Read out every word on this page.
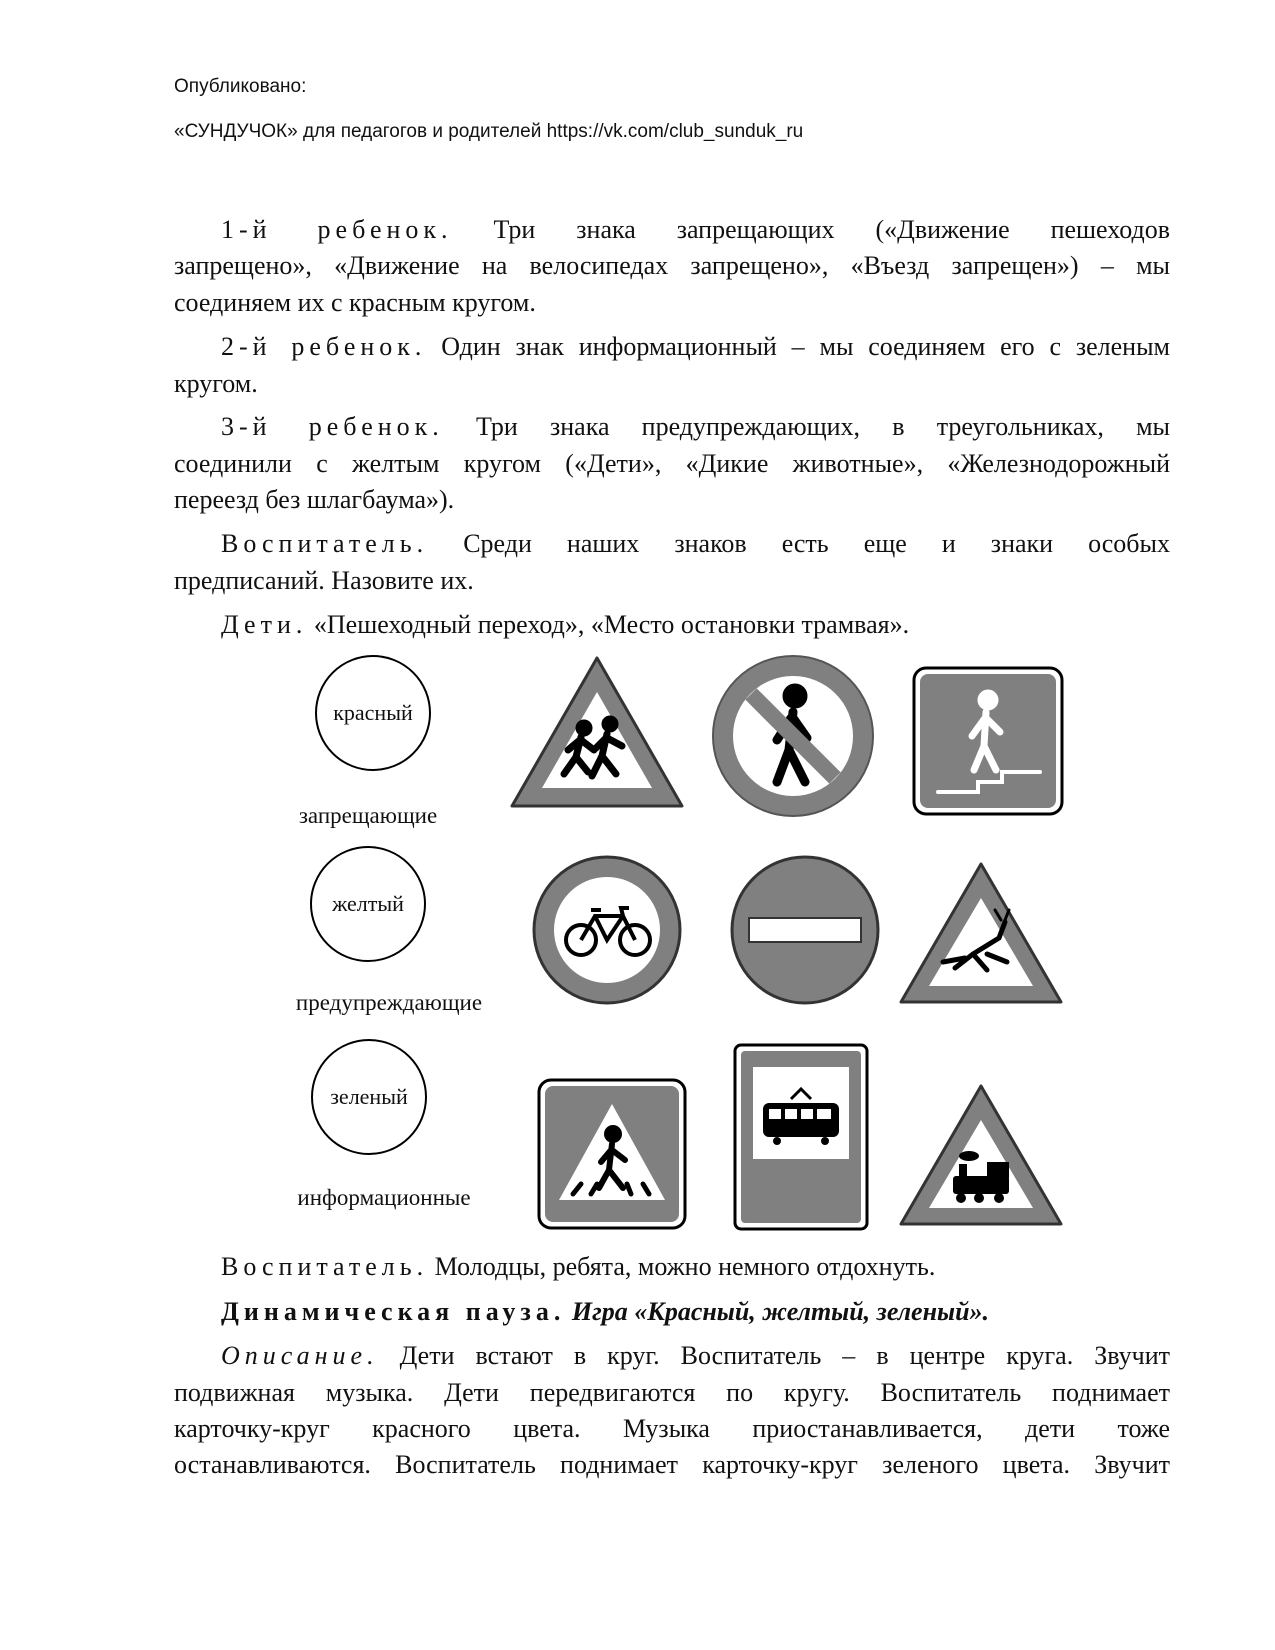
Опубликовано:
«СУНДУЧОК» для педагогов и родителей https://vk.com/club_sunduk_ru
1-й ребенок. Три знака запрещающих («Движение пешеходов
запрещено», «Движение на велосипедах запрещено», «Въезд запрещен») – мы
соединяем их с красным кругом.
2-й ребенок. Один знак информационный – мы соединяем его с зеленым
кругом.
3-й ребенок. Три знака предупреждающих, в треугольниках, мы
соединили с желтым кругом («Дети», «Дикие животные», «Железнодорожный
переезд без шлагбаума»).
Воспитатель. Среди наших знаков есть еще и знаки особых
предписаний. Назовите их.
Дети. «Пешеходный переход», «Место остановки трамвая».
красный
запрещающие
желтый
предупреждающие
зеленый
информационные
Воспитатель. Молодцы, ребята, можно немного отдохнуть.
Динамическая пауза. Игра «Красный, желтый, зеленый».
Описание. Дети встают в круг. Воспитатель – в центре круга. Звучит
подвижная музыка. Дети передвигаются по кругу. Воспитатель поднимает
карточку-круг красного цвета. Музыка приостанавливается, дети тоже
останавливаются. Воспитатель поднимает карточку-круг зеленого цвета. Звучит
